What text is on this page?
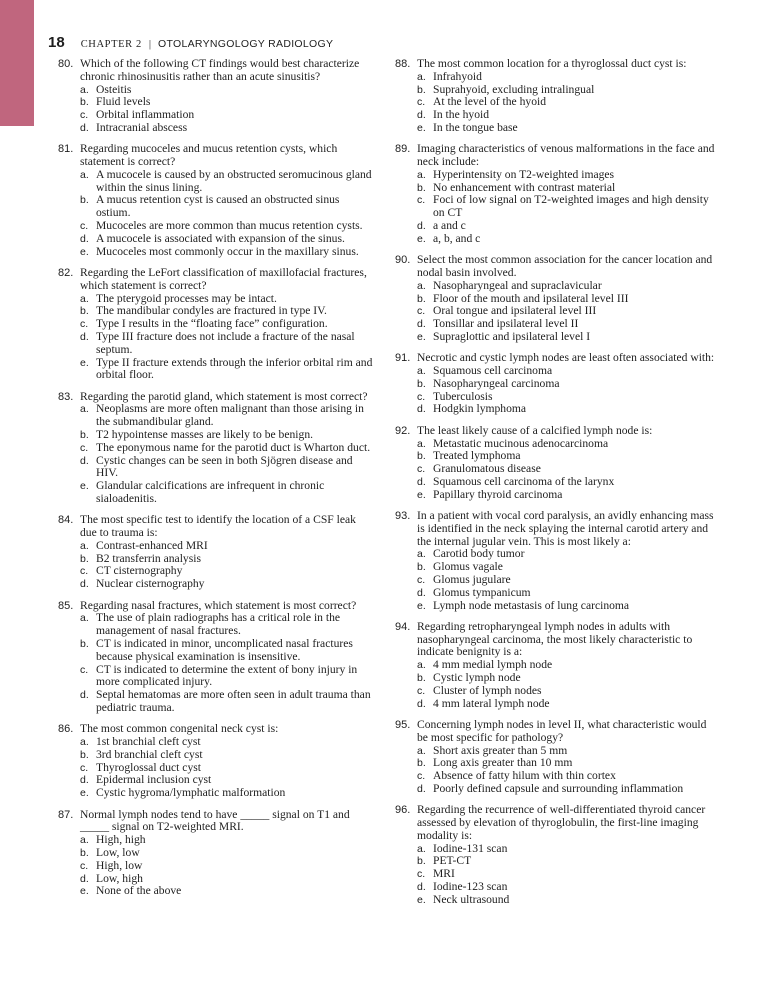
18 CHAPTER 2 | OTOLARYNGOLOGY RADIOLOGY
80. Which of the following CT findings would best characterize chronic rhinosinusitis rather than an acute sinusitis?
a. Osteitis
b. Fluid levels
c. Orbital inflammation
d. Intracranial abscess
81. Regarding mucoceles and mucus retention cysts, which statement is correct?
a. A mucocele is caused by an obstructed seromucinous gland within the sinus lining.
b. A mucus retention cyst is caused an obstructed sinus ostium.
c. Mucoceles are more common than mucus retention cysts.
d. A mucocele is associated with expansion of the sinus.
e. Mucoceles most commonly occur in the maxillary sinus.
82. Regarding the LeFort classification of maxillofacial fractures, which statement is correct?
a. The pterygoid processes may be intact.
b. The mandibular condyles are fractured in type IV.
c. Type I results in the “floating face” configuration.
d. Type III fracture does not include a fracture of the nasal septum.
e. Type II fracture extends through the inferior orbital rim and orbital floor.
83. Regarding the parotid gland, which statement is most correct?
a. Neoplasms are more often malignant than those arising in the submandibular gland.
b. T2 hypointense masses are likely to be benign.
c. The eponymous name for the parotid duct is Wharton duct.
d. Cystic changes can be seen in both Sjögren disease and HIV.
e. Glandular calcifications are infrequent in chronic sialoadenitis.
84. The most specific test to identify the location of a CSF leak due to trauma is:
a. Contrast-enhanced MRI
b. B2 transferrin analysis
c. CT cisternography
d. Nuclear cisternography
85. Regarding nasal fractures, which statement is most correct?
a. The use of plain radiographs has a critical role in the management of nasal fractures.
b. CT is indicated in minor, uncomplicated nasal fractures because physical examination is insensitive.
c. CT is indicated to determine the extent of bony injury in more complicated injury.
d. Septal hematomas are more often seen in adult trauma than pediatric trauma.
86. The most common congenital neck cyst is:
a. 1st branchial cleft cyst
b. 3rd branchial cleft cyst
c. Thyroglossal duct cyst
d. Epidermal inclusion cyst
e. Cystic hygroma/lymphatic malformation
87. Normal lymph nodes tend to have _____ signal on T1 and _____ signal on T2-weighted MRI.
a. High, high
b. Low, low
c. High, low
d. Low, high
e. None of the above
88. The most common location for a thyroglossal duct cyst is:
a. Infrahyoid
b. Suprahyoid, excluding intralingual
c. At the level of the hyoid
d. In the hyoid
e. In the tongue base
89. Imaging characteristics of venous malformations in the face and neck include:
a. Hyperintensity on T2-weighted images
b. No enhancement with contrast material
c. Foci of low signal on T2-weighted images and high density on CT
d. a and c
e. a, b, and c
90. Select the most common association for the cancer location and nodal basin involved.
a. Nasopharyngeal and supraclavicular
b. Floor of the mouth and ipsilateral level III
c. Oral tongue and ipsilateral level III
d. Tonsillar and ipsilateral level II
e. Supraglottic and ipsilateral level I
91. Necrotic and cystic lymph nodes are least often associated with:
a. Squamous cell carcinoma
b. Nasopharyngeal carcinoma
c. Tuberculosis
d. Hodgkin lymphoma
92. The least likely cause of a calcified lymph node is:
a. Metastatic mucinous adenocarcinoma
b. Treated lymphoma
c. Granulomatous disease
d. Squamous cell carcinoma of the larynx
e. Papillary thyroid carcinoma
93. In a patient with vocal cord paralysis, an avidly enhancing mass is identified in the neck splaying the internal carotid artery and the internal jugular vein. This is most likely a:
a. Carotid body tumor
b. Glomus vagale
c. Glomus jugulare
d. Glomus tympanicum
e. Lymph node metastasis of lung carcinoma
94. Regarding retropharyngeal lymph nodes in adults with nasopharyngeal carcinoma, the most likely characteristic to indicate benignity is a:
a. 4 mm medial lymph node
b. Cystic lymph node
c. Cluster of lymph nodes
d. 4 mm lateral lymph node
95. Concerning lymph nodes in level II, what characteristic would be most specific for pathology?
a. Short axis greater than 5 mm
b. Long axis greater than 10 mm
c. Absence of fatty hilum with thin cortex
d. Poorly defined capsule and surrounding inflammation
96. Regarding the recurrence of well-differentiated thyroid cancer assessed by elevation of thyroglobulin, the first-line imaging modality is:
a. Iodine-131 scan
b. PET-CT
c. MRI
d. Iodine-123 scan
e. Neck ultrasound
